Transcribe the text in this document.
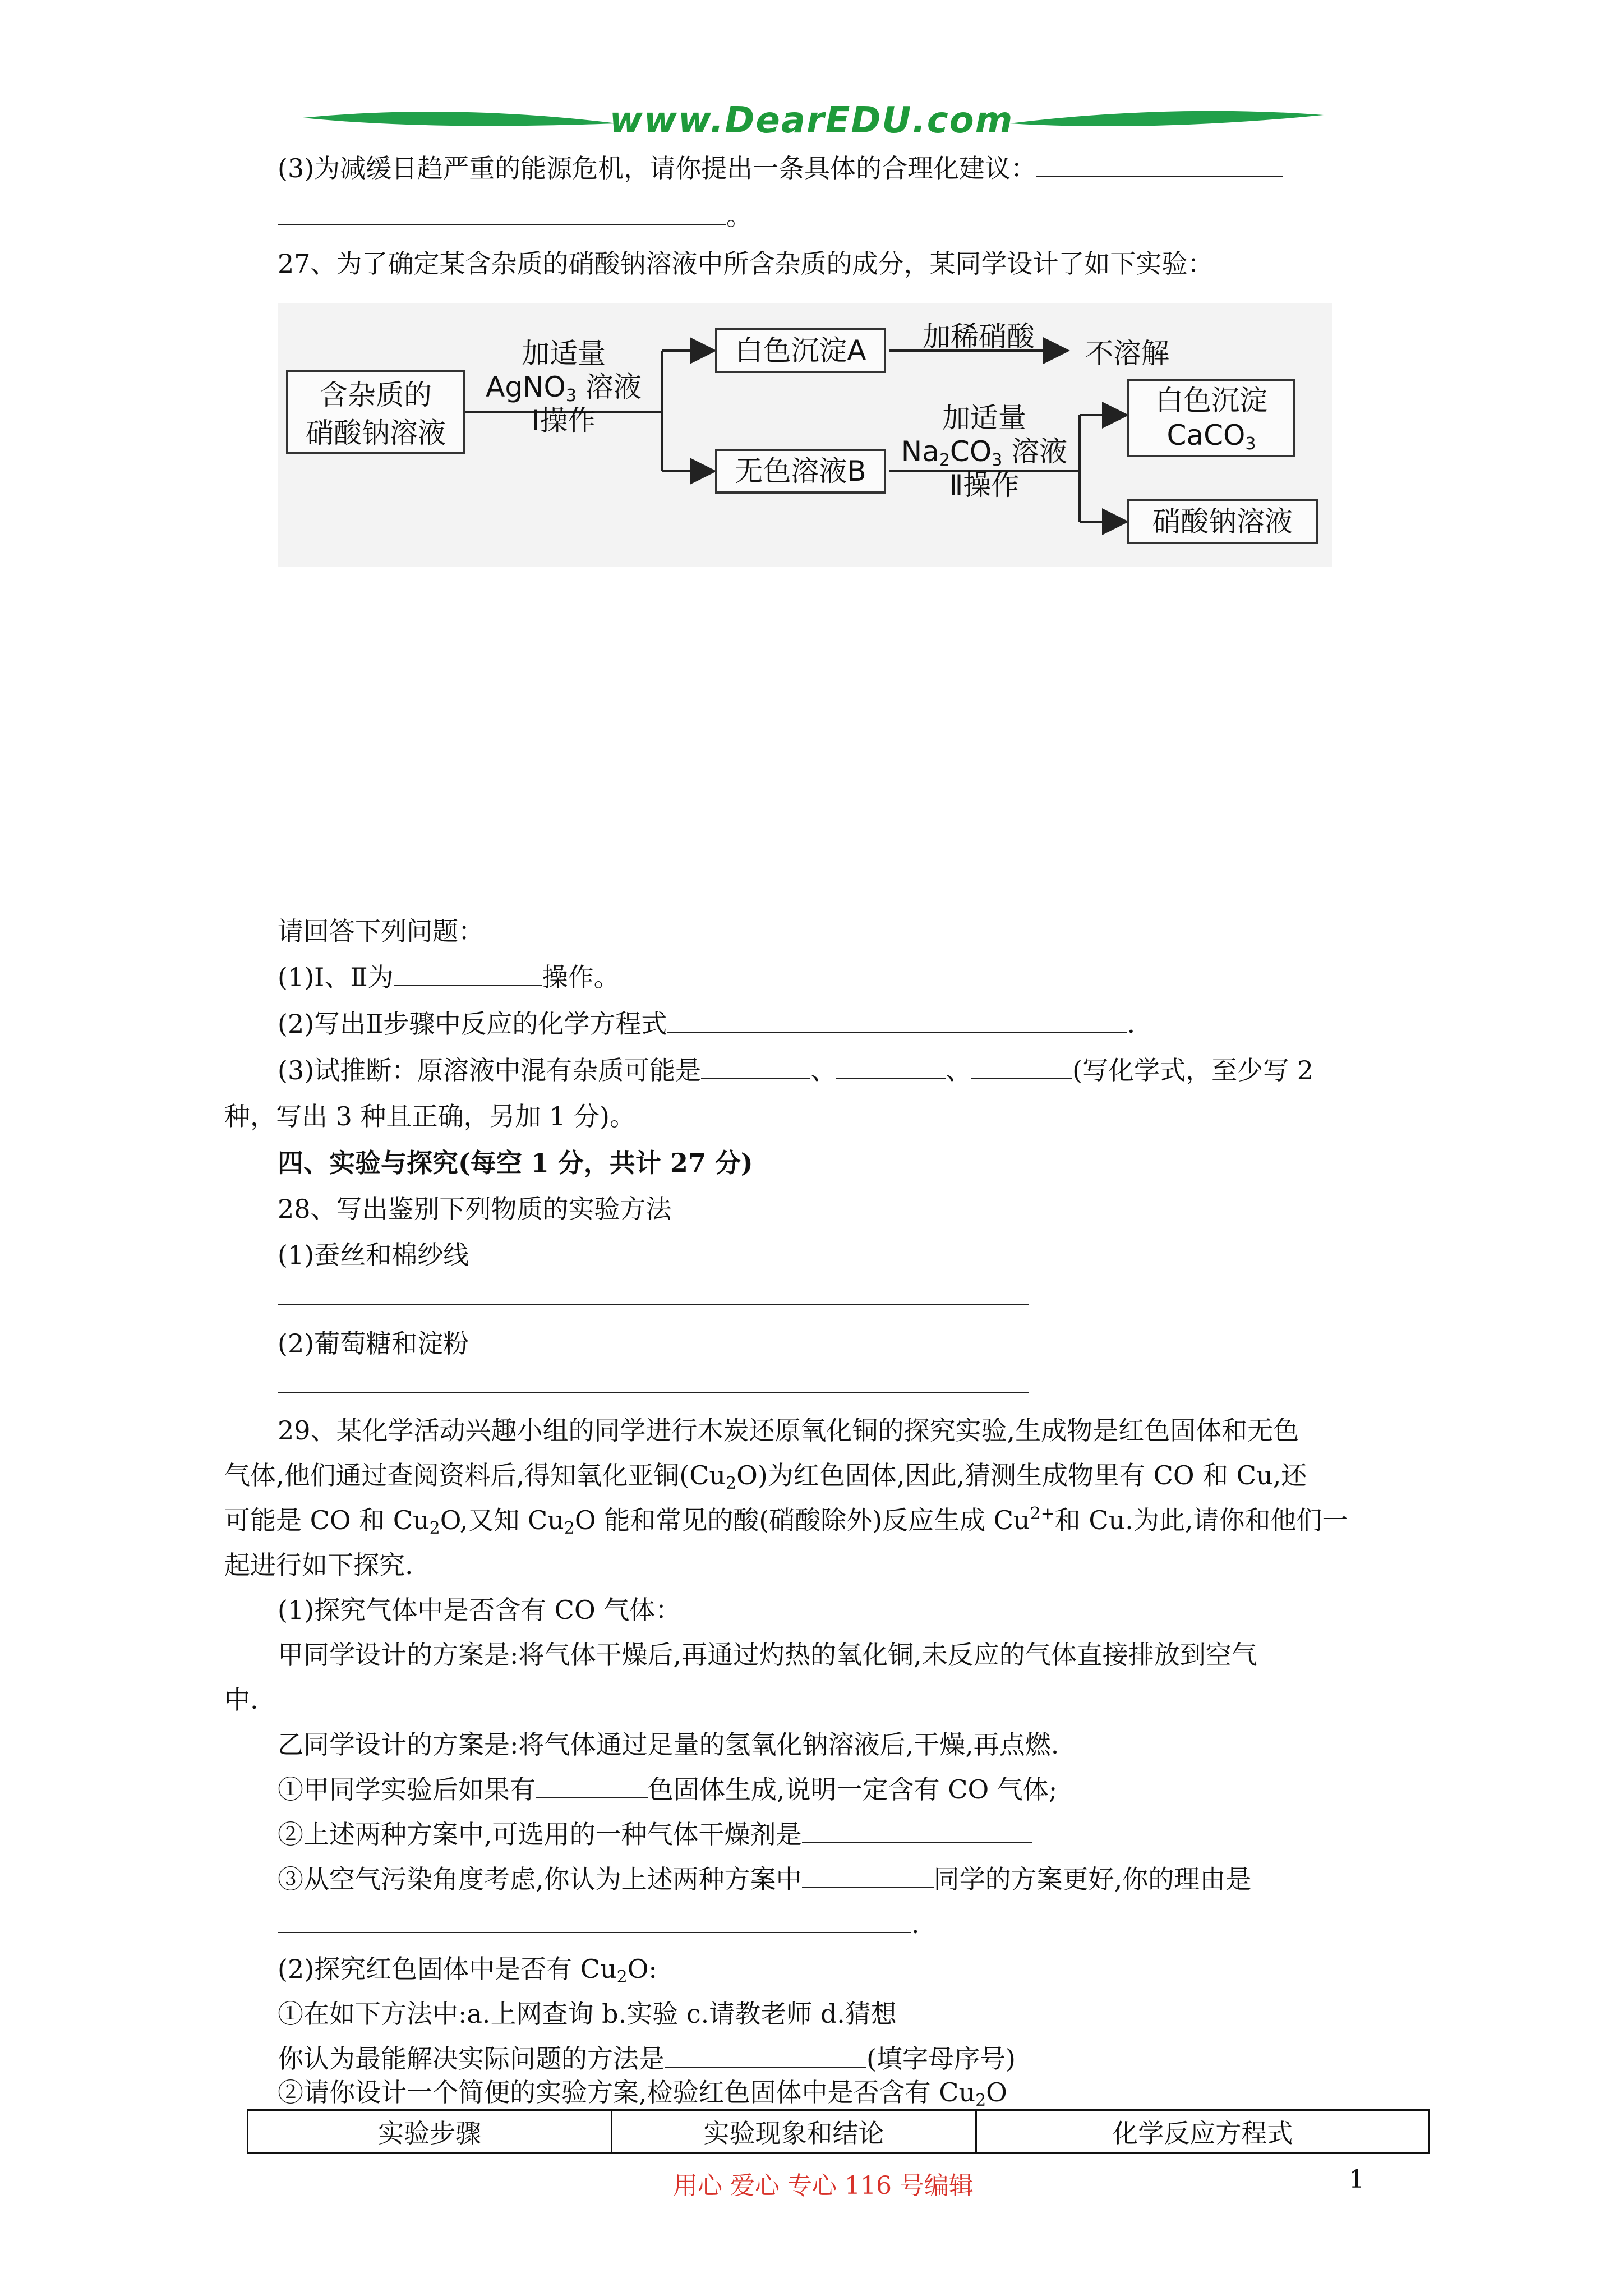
www.DearEDU.com
(3)为减缓日趋严重的能源危机，请你提出一条具体的合理化建议：
。
27、为了确定某含杂质的硝酸钠溶液中所含杂质的成分，某同学设计了如下实验：
含杂质的
硝酸钠溶液
加适量
AgNO$_3$ 溶液
Ⅰ操作
白色沉淀A	加稀硝酸
不溶解
无色溶液B
加适量
$Na_2CO_3$ 溶液
Ⅱ操作
白色沉淀
CaCO$_3$
硝酸钠溶液
请回答下列问题：
(1)Ⅰ、Ⅱ为	操作。
(2)写出Ⅱ步骤中反应的化学方程式	.
(3)试推断：原溶液中混有杂质可能是	、	、	(写化学式，至少写 2
种，写出 3 种且正确，另加 1 分)。
四、实验与探究(每空 1 分，共计 27 分)
28、写出鉴别下列物质的实验方法
(1)蚕丝和棉纱线
(2)葡萄糖和淀粉
29、某化学活动兴趣小组的同学进行木炭还原氧化铜的探究实验,生成物是红色固体和无色
气体,他们通过查阅资料后,得知氧化亚铜$(Cu_2O)$为红色固体,因此,猜测生成物里有 CO 和 Cu,还
可能是 CO 和 $Cu_2O$,又知 $Cu_2O$ 能和常见的酸(硝酸除外)反应生成 $Cu^{2+}$和 Cu.为此,请你和他们一
起进行如下探究.
(1)探究气体中是否含有 CO 气体：
甲同学设计的方案是:将气体干燥后,再通过灼热的氧化铜,未反应的气体直接排放到空气
中.
乙同学设计的方案是:将气体通过足量的氢氧化钠溶液后,干燥,再点燃.
①甲同学实验后如果有	色固体生成,说明一定含有 CO 气体;
②上述两种方案中,可选用的一种气体干燥剂是
③从空气污染角度考虑,你认为上述两种方案中	同学的方案更好,你的理由是
.
(2)探究红色固体中是否有 $Cu_2O$:
①在如下方法中:a.上网查询 b.实验 c.请教老师 d.猜想
你认为最能解决实际问题的方法是	(填字母序号)
实验步骤	实验现象和结论	化学反应方程式
②请你设计一个简便的实验方案,检验红色固体中是否含有 $Cu_2O$
用心 爱心 专心 116 号编辑	1
